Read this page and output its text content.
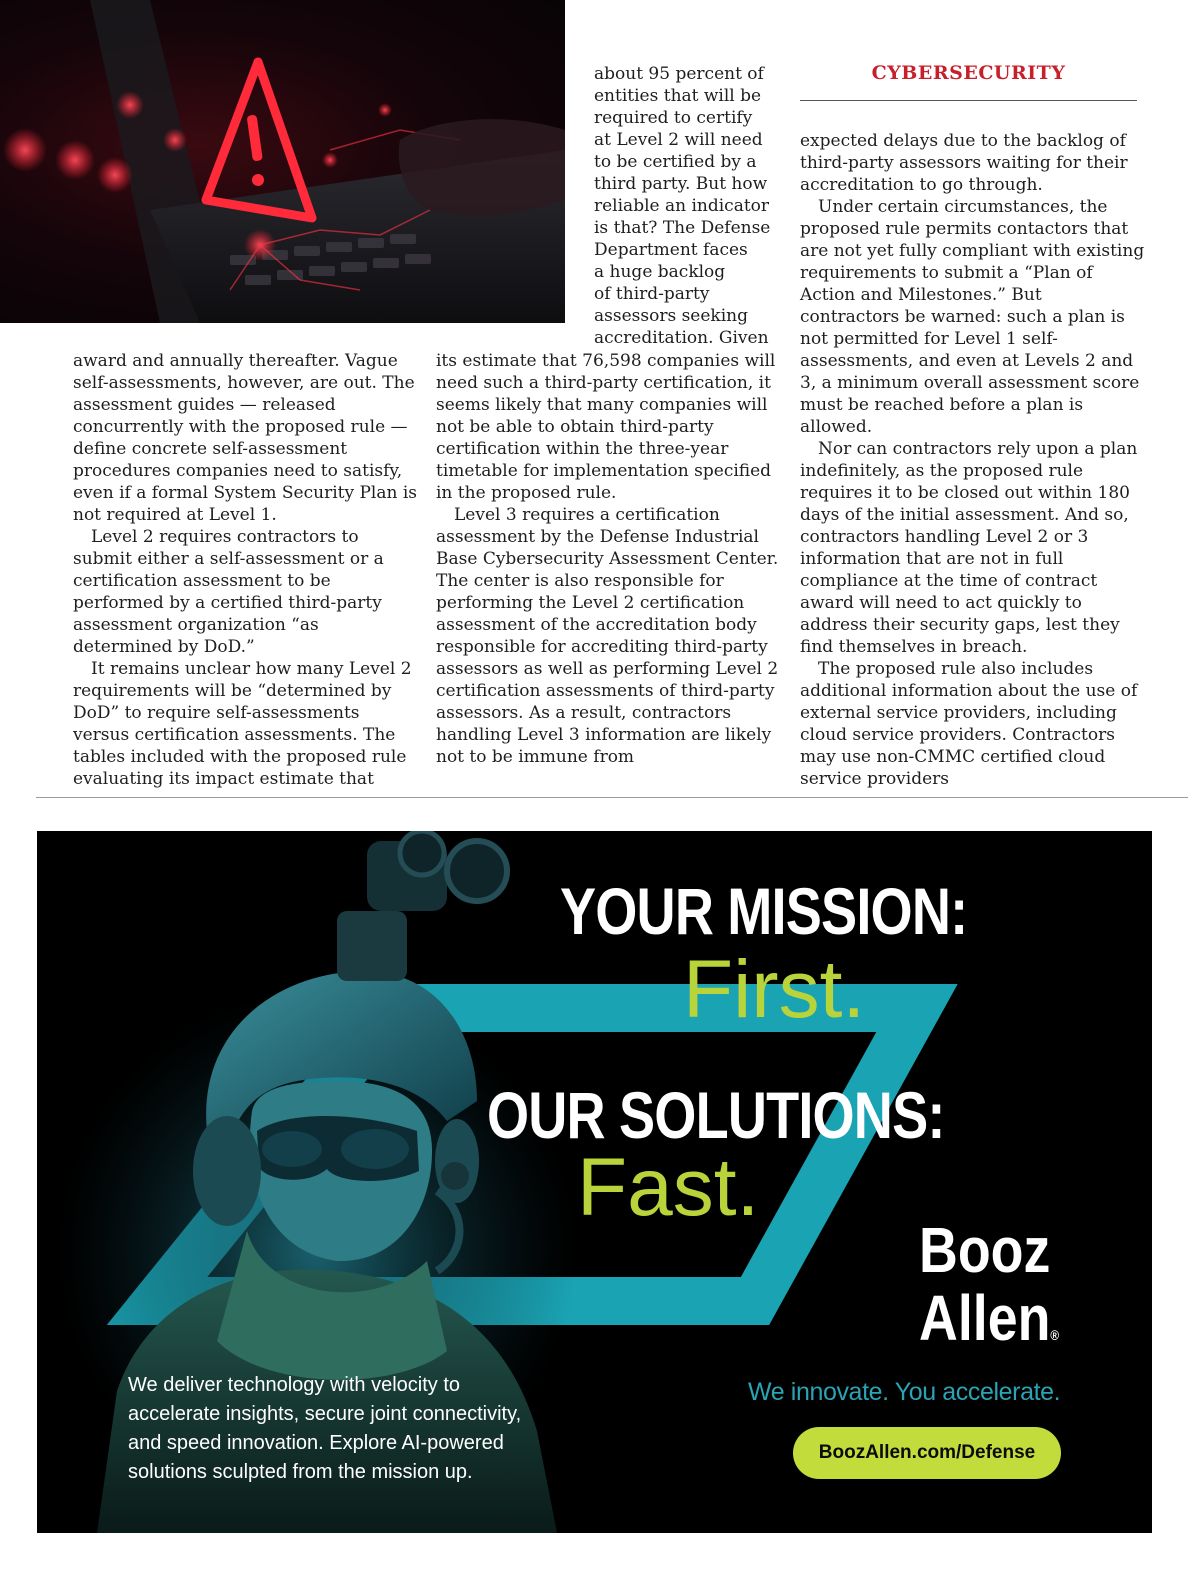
CYBERSECURITY
about 95 percent of
entities that will be
required to certify
at Level 2 will need
to be certified by a
third party. But how
reliable an indicator
is that? The Defense
Department faces
a huge backlog
of third-party
assessors seeking
accreditation. Given

award and annually thereafter. Vague self-assessments, however, are out. The assessment guides — released concurrently with the proposed rule — define concrete self-assessment procedures companies need to satisfy, even if a formal System Security Plan is not required at Level 1.

Level 2 requires contractors to submit either a self-assessment or a certification assessment to be performed by a certified third-party assessment organization “as determined by DoD.”

It remains unclear how many Level 2 requirements will be “determined by DoD” to require self-assessments versus certification assessments. The tables included with the proposed rule evaluating its impact estimate that

its estimate that 76,598 companies will need such a third-party certification, it seems likely that many companies will not be able to obtain third-party certification within the three-year timetable for implementation specified in the proposed rule.

Level 3 requires a certification assessment by the Defense Industrial Base Cybersecurity Assessment Center. The center is also responsible for performing the Level 2 certification assessment of the accreditation body responsible for accrediting third-party assessors as well as performing Level 2 certification assessments of third-party assessors. As a result, contractors handling Level 3 information are likely not to be immune from

expected delays due to the backlog of third-party assessors waiting for their accreditation to go through.

Under certain circumstances, the proposed rule permits contactors that are not yet fully compliant with existing requirements to submit a “Plan of Action and Milestones.” But contractors be warned: such a plan is not permitted for Level 1 self-assessments, and even at Levels 2 and 3, a minimum overall assessment score must be reached before a plan is allowed.

Nor can contractors rely upon a plan indefinitely, as the proposed rule requires it to be closed out within 180 days of the initial assessment. And so, contractors handling Level 2 or 3 information that are not in full compliance at the time of contract award will need to act quickly to address their security gaps, lest they find themselves in breach.

The proposed rule also includes additional information about the use of external service providers, including cloud service providers. Contractors may use non-CMMC certified cloud service providers

YOUR MISSION:
First.
OUR SOLUTIONS:
Fast.
Booz
Allen®
We innovate. You accelerate.
BoozAllen.com/Defense
We deliver technology with velocity to
accelerate insights, secure joint connectivity,
and speed innovation. Explore AI-powered
solutions sculpted from the mission up.
